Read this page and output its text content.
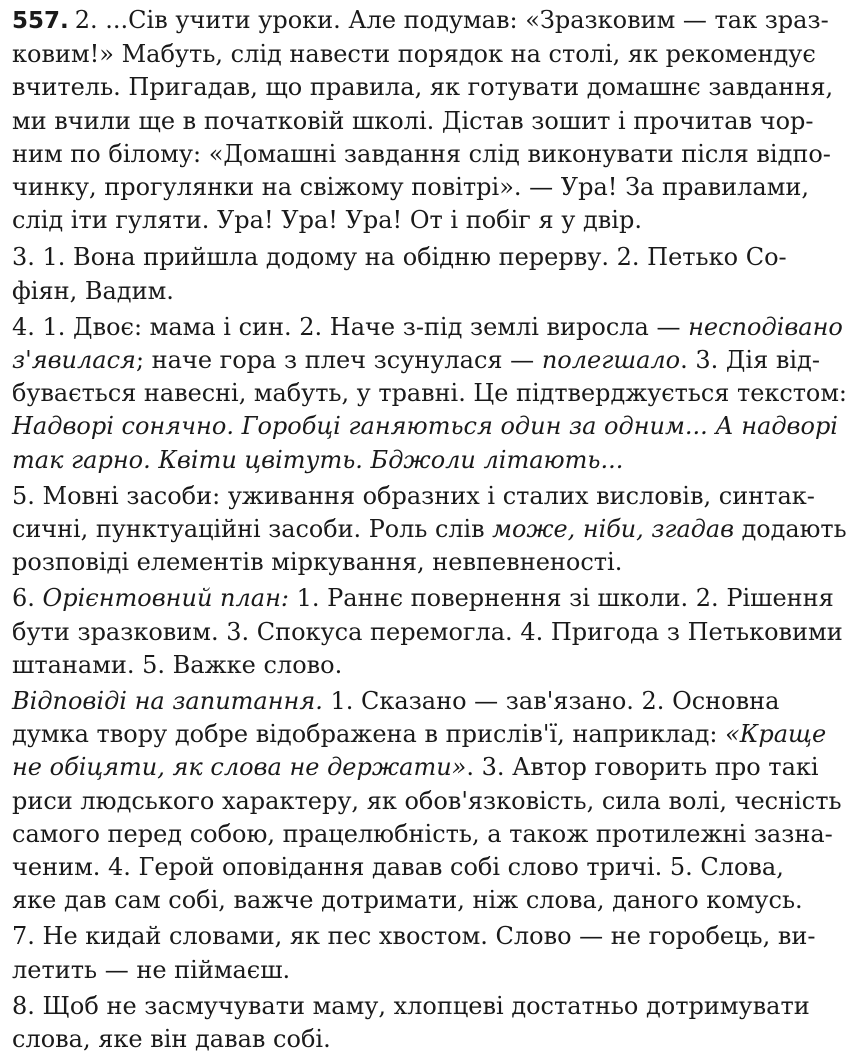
557. 2. ...Сів учити уроки. Але подумав: «Зразковим — так зраз-
ковим!» Мабуть, слід навести порядок на столі, як рекомендує
вчитель. Пригадав, що правила, як готувати домашнє завдання,
ми вчили ще в початковій школі. Дістав зошит і прочитав чор-
ним по білому: «Домашні завдання слід виконувати після відпо-
чинку, прогулянки на свіжому повітрі». — Ура! За правилами,
слід іти гуляти. Ура! Ура! Ура! От і побіг я у двір.
3. 1. Вона прийшла додому на обідню перерву. 2. Петько Со-
фіян, Вадим.
4. 1. Двоє: мама і син. 2. Наче з-під землі виросла — несподівано
з'явилася; наче гора з плеч зсунулася — полегшало. 3. Дія від-
бувається навесні, мабуть, у травні. Це підтверджується текстом:
Надворі сонячно. Горобці ганяються один за одним... А надворі
так гарно. Квіти цвітуть. Бджоли літають...
5. Мовні засоби: уживання образних і сталих висловів, синтак-
сичні, пунктуаційні засоби. Роль слів може, ніби, згадав додають
розповіді елементів міркування, невпевненості.
6. Орієнтовний план: 1. Раннє повернення зі школи. 2. Рішення
бути зразковим. 3. Спокуса перемогла. 4. Пригода з Петьковими
штанами. 5. Важке слово.
Відповіді на запитання. 1. Сказано — зав'язано. 2. Основна
думка твору добре відображена в прислів'ї, наприклад: «Краще
не обіцяти, як слова не держати». 3. Автор говорить про такі
риси людського характеру, як обов'язковість, сила волі, чесність
самого перед собою, працелюбність, а також протилежні зазна-
ченим. 4. Герой оповідання давав собі слово тричі. 5. Слова,
яке дав сам собі, важче дотримати, ніж слова, даного комусь.
7. Не кидай словами, як пес хвостом. Слово — не горобець, ви-
летить — не піймаєш.
8. Щоб не засмучувати маму, хлопцеві достатньо дотримувати
слова, яке він давав собі.
